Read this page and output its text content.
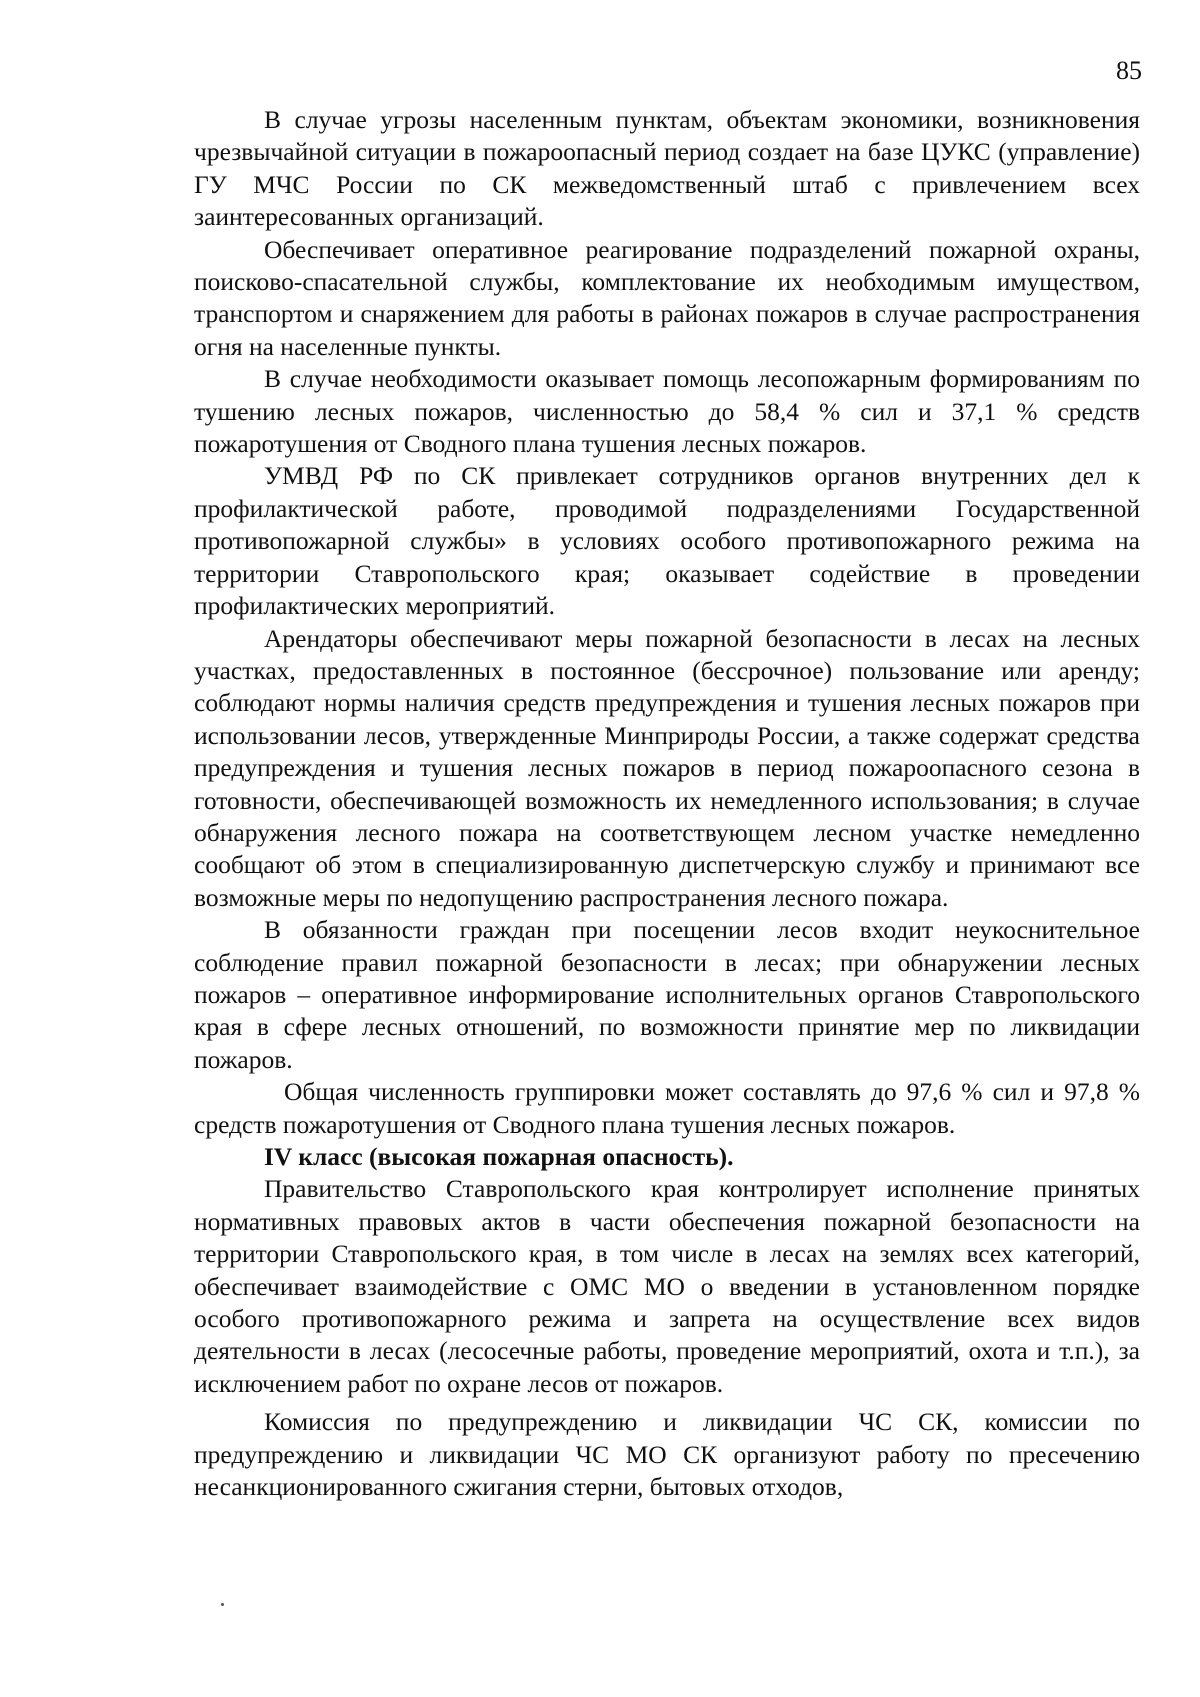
85

В случае угрозы населенным пунктам, объектам экономики, возникновения чрезвычайной ситуации в пожароопасный период создает на базе ЦУКС (управление) ГУ МЧС России по СК межведомственный штаб с привлечением всех заинтересованных организаций.

Обеспечивает оперативное реагирование подразделений пожарной охраны, поисково-спасательной службы, комплектование их необходимым имуществом, транспортом и снаряжением для работы в районах пожаров в случае распространения огня на населенные пункты.

В случае необходимости оказывает помощь лесопожарным формированиям по тушению лесных пожаров, численностью до 58,4 % сил и 37,1 % средств пожаротушения от Сводного плана тушения лесных пожаров.

УМВД РФ по СК привлекает сотрудников органов внутренних дел к профилактической работе, проводимой подразделениями Государственной противопожарной службы» в условиях особого противопожарного режима на территории Ставропольского края; оказывает содействие в проведении профилактических мероприятий.

Арендаторы обеспечивают меры пожарной безопасности в лесах на лесных участках, предоставленных в постоянное (бессрочное) пользование или аренду; соблюдают нормы наличия средств предупреждения и тушения лесных пожаров при использовании лесов, утвержденные Минприроды России, а также содержат средства предупреждения и тушения лесных пожаров в период пожароопасного сезона в готовности, обеспечивающей возможность их немедленного использования; в случае обнаружения лесного пожара на соответствующем лесном участке немедленно сообщают об этом в специализированную диспетчерскую службу и принимают все возможные меры по недопущению распространения лесного пожара.

В обязанности граждан при посещении лесов входит неукоснительное соблюдение правил пожарной безопасности в лесах; при обнаружении лесных пожаров – оперативное информирование исполнительных органов Ставропольского края в сфере лесных отношений, по возможности принятие мер по ликвидации пожаров.

Общая численность группировки может составлять до 97,6 % сил и 97,8 % средств пожаротушения от Сводного плана тушения лесных пожаров.

IV класс (высокая пожарная опасность).

Правительство Ставропольского края контролирует исполнение принятых нормативных правовых актов в части обеспечения пожарной безопасности на территории Ставропольского края, в том числе в лесах на землях всех категорий, обеспечивает взаимодействие с ОМС МО о введении в установленном порядке особого противопожарного режима и запрета на осуществление всех видов деятельности в лесах (лесосечные работы, проведение мероприятий, охота и т.п.), за исключением работ по охране лесов от пожаров.

Комиссия по предупреждению и ликвидации ЧС СК, комиссии по предупреждению и ликвидации ЧС МО СК организуют работу по пресечению несанкционированного сжигания стерни, бытовых отходов,
